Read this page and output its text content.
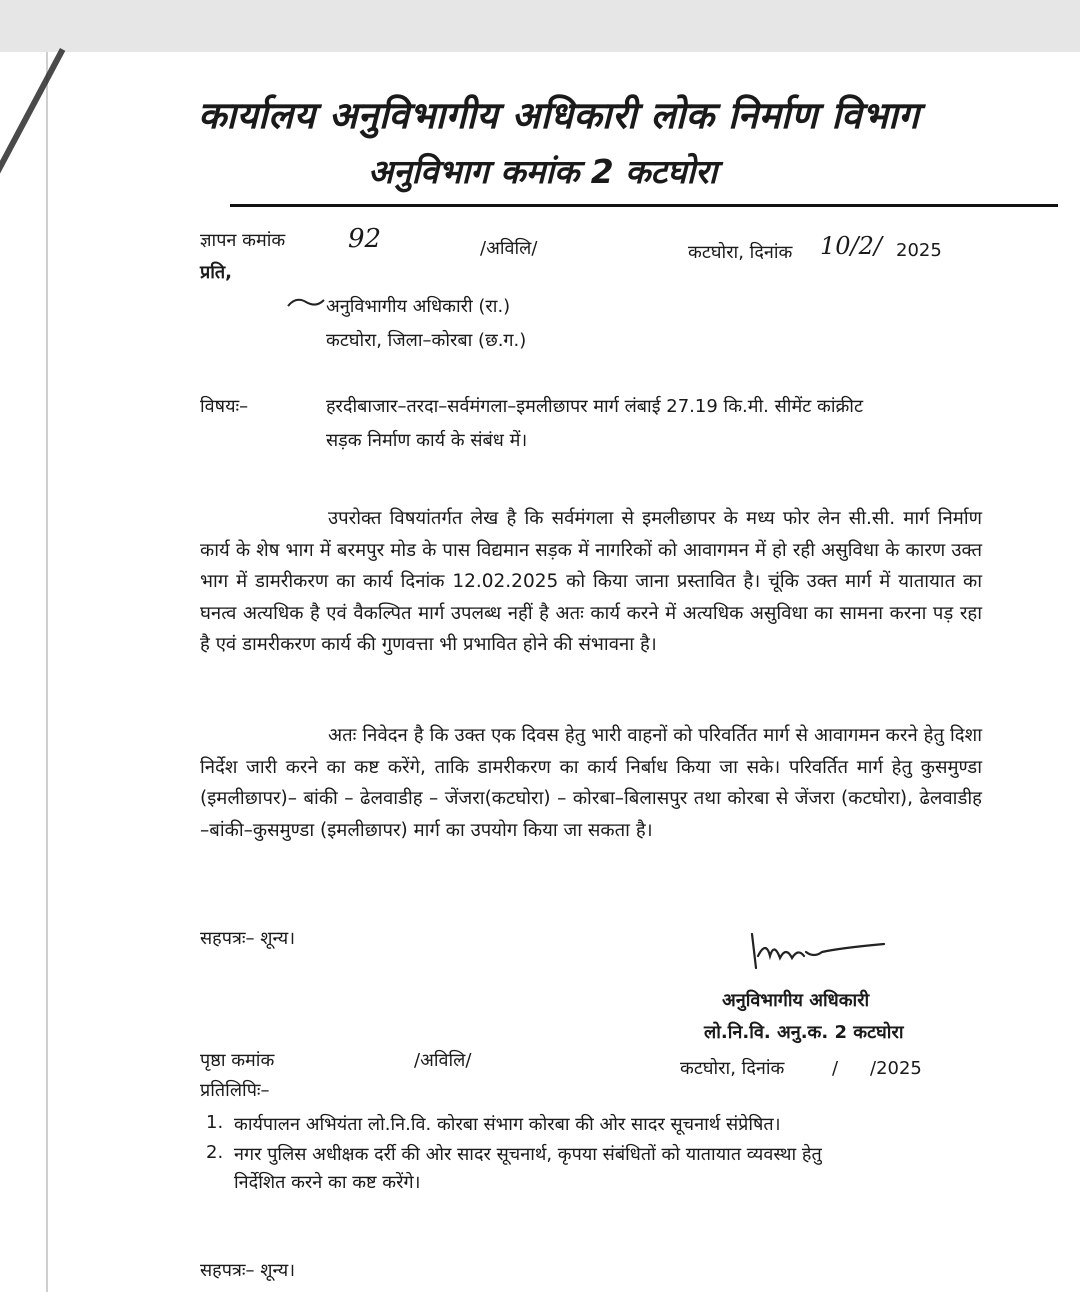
कार्यालय अनुविभागीय अधिकारी लोक निर्माण विभाग
अनुविभाग कमांक 2 कटघोरा
ज्ञापन कमांक 92	/अविलि/	कटघोरा, दिनांक 10/2/ 2025
प्रति,
अनुविभागीय अधिकारी (रा.)
कटघोरा, जिला–कोरबा (छ.ग.)
विषयः–	हरदीबाजार–तरदा–सर्वमंगला–इमलीछापर मार्ग लंबाई 27.19 कि.मी. सीमेंट कांक्रीट
सड़क निर्माण कार्य के संबंध में।
उपरोक्त विषयांतर्गत लेख है कि सर्वमंगला से इमलीछापर के मध्य फोर लेन सी.सी. मार्ग निर्माण कार्य के शेष भाग में बरमपुर मोड के पास विद्यमान सड़क में नागरिकों को आवागमन में हो रही असुविधा के कारण उक्त भाग में डामरीकरण का कार्य दिनांक 12.02.2025 को किया जाना प्रस्तावित है। चूंकि उक्त मार्ग में यातायात का घनत्व अत्यधिक है एवं वैकल्पित मार्ग उपलब्ध नहीं है अतः कार्य करने में अत्यधिक असुविधा का सामना करना पड़ रहा है एवं डामरीकरण कार्य की गुणवत्ता भी प्रभावित होने की संभावना है।
अतः निवेदन है कि उक्त एक दिवस हेतु भारी वाहनों को परिवर्तित मार्ग से आवागमन करने हेतु दिशा निर्देश जारी करने का कष्ट करेंगे, ताकि डामरीकरण का कार्य निर्बाध किया जा सके। परिवर्तित मार्ग हेतु कुसमुण्डा (इमलीछापर)– बांकी – ढेलवाडीह – जेंजरा(कटघोरा) – कोरबा–बिलासपुर तथा कोरबा से जेंजरा (कटघोरा), ढेलवाडीह –बांकी–कुसमुण्डा (इमलीछापर) मार्ग का उपयोग किया जा सकता है।
सहपत्रः– शून्य।
अनुविभागीय अधिकारी
लो.नि.वि. अनु.क. 2 कटघोरा
पृष्ठा कमांक	/अविलि/	कटघोरा, दिनांक	/ /2025
प्रतिलिपिः–
1. कार्यपालन अभियंता लो.नि.वि. कोरबा संभाग कोरबा की ओर सादर सूचनार्थ संप्रेषित।
2. नगर पुलिस अधीक्षक दर्री की ओर सादर सूचनार्थ, कृपया संबंधितों को यातायात व्यवस्था हेतु
निर्देशित करने का कष्ट करेंगे।
सहपत्रः– शून्य।
